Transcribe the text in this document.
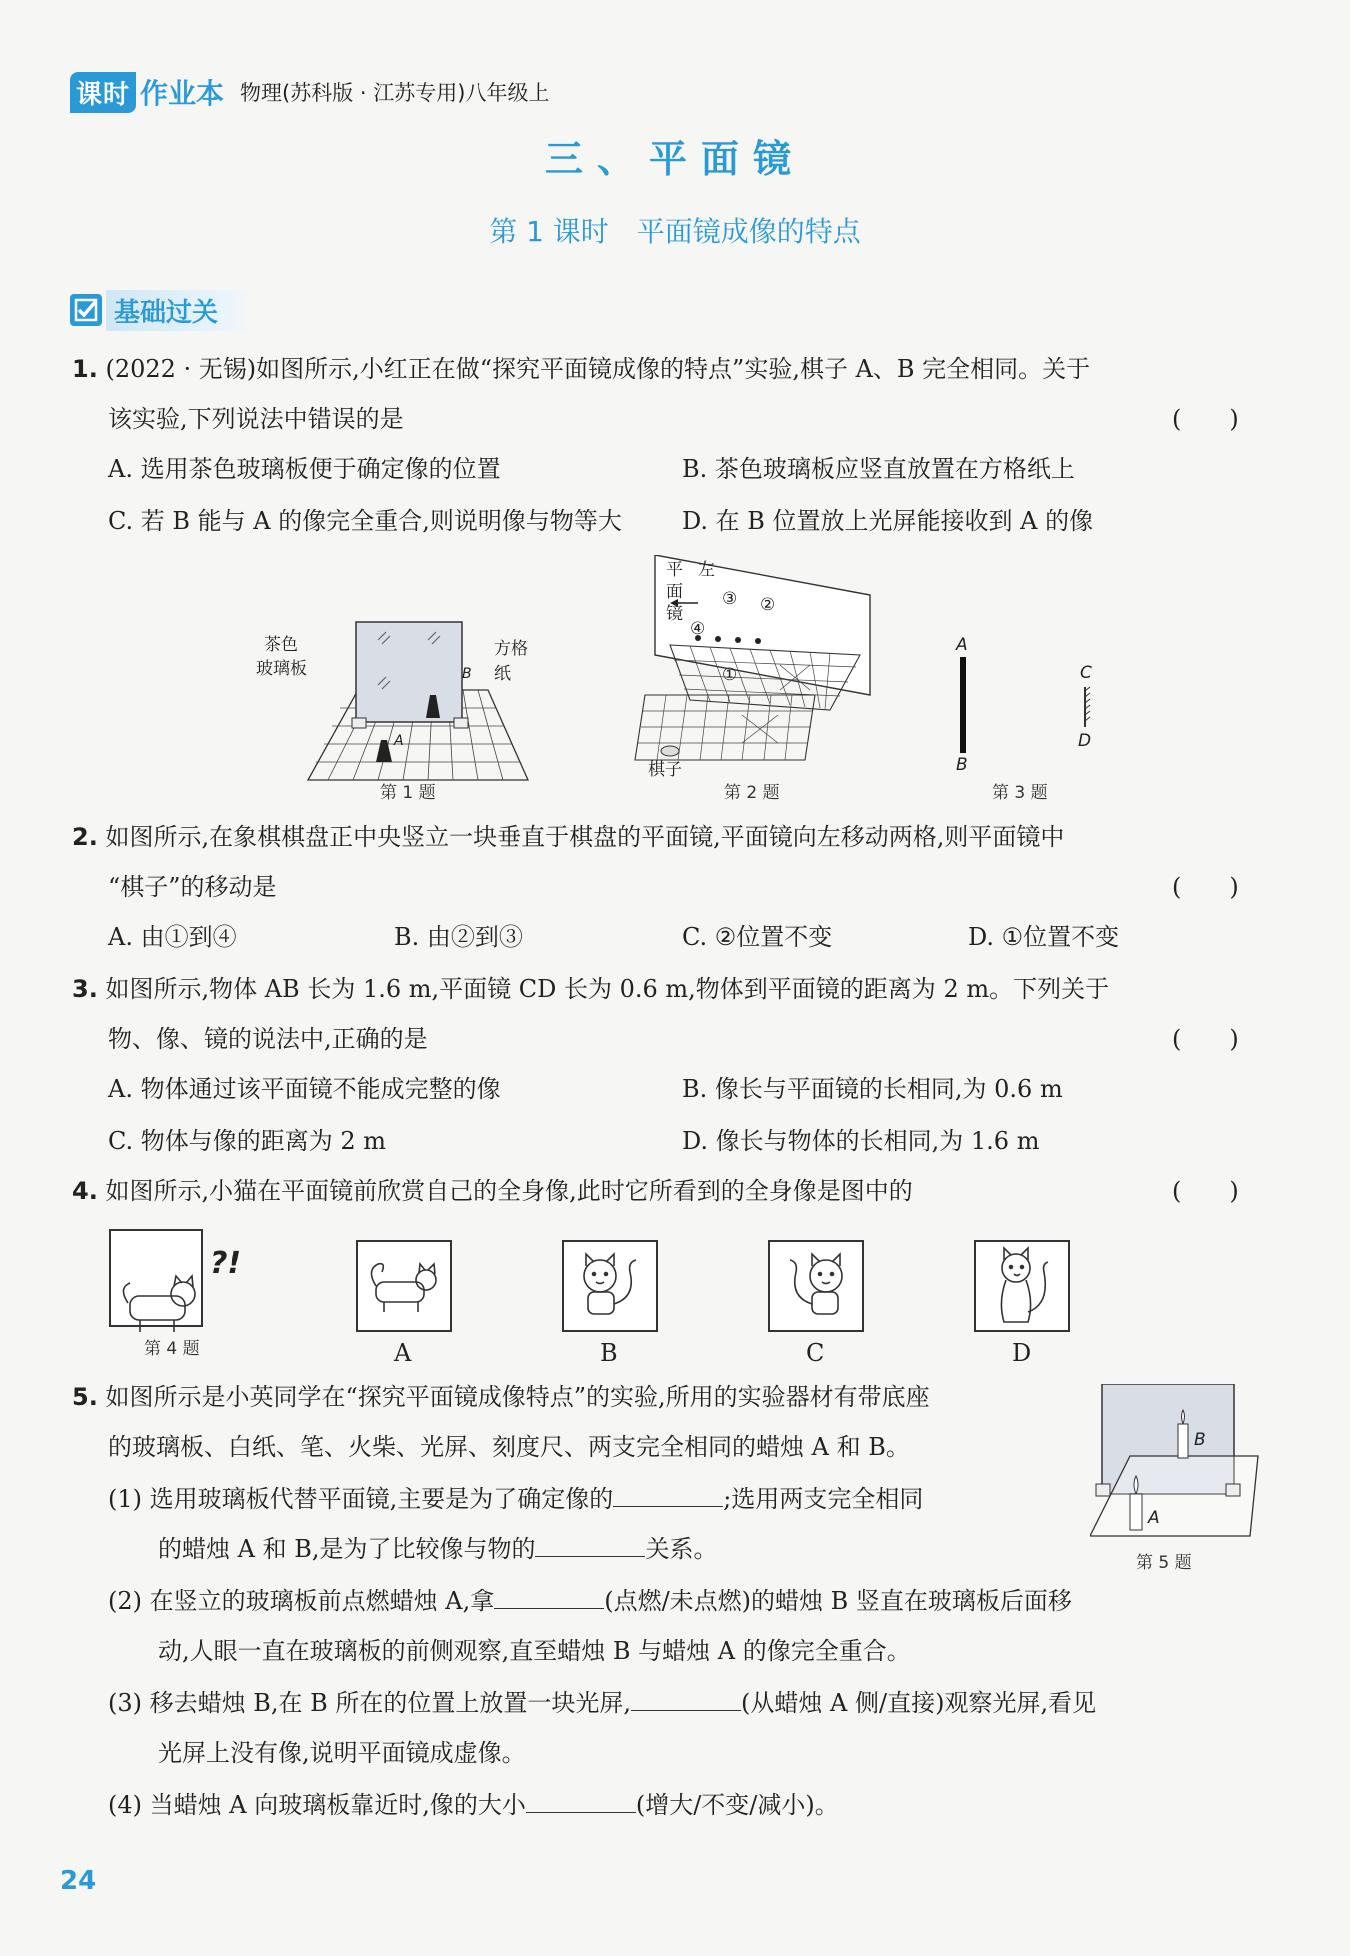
课时 作业本 物理(苏科版 · 江苏专用)八年级上
三、平面镜
第 1 课时　平面镜成像的特点
基础过关
1. (2022 · 无锡)如图所示,小红正在做“探究平面镜成像的特点”实验,棋子 A、B 完全相同。关于
该实验,下列说法中错误的是	(　　)
A. 选用茶色玻璃板便于确定像的位置	B. 茶色玻璃板应竖直放置在方格纸上
C. 若 B 能与 A 的像完全重合,则说明像与物等大	D. 在 B 位置放上光屏能接收到 A 的像
茶色
玻璃板
方格纸
B
A
第 1 题
平
面
镜
左
③ ②
④
①
棋子
第 2 题
A
B
C
D
第 3 题
2. 如图所示,在象棋棋盘正中央竖立一块垂直于棋盘的平面镜,平面镜向左移动两格,则平面镜中
“棋子”的移动是	(　　)
A. 由①到④	B. 由②到③	C. ②位置不变	D. ①位置不变
3. 如图所示,物体 AB 长为 1.6 m,平面镜 CD 长为 0.6 m,物体到平面镜的距离为 2 m。下列关于
物、像、镜的说法中,正确的是	(　　)
A. 物体通过该平面镜不能成完整的像	B. 像长与平面镜的长相同,为 0.6 m
C. 物体与像的距离为 2 m	D. 像长与物体的长相同,为 1.6 m
4. 如图所示,小猫在平面镜前欣赏自己的全身像,此时它所看到的全身像是图中的	(　　)
?!
第 4 题	A	B	C	D
5. 如图所示是小英同学在“探究平面镜成像特点”的实验,所用的实验器材有带底座
的玻璃板、白纸、笔、火柴、光屏、刻度尺、两支完全相同的蜡烛 A 和 B。
(1) 选用玻璃板代替平面镜,主要是为了确定像的	;选用两支完全相同
的蜡烛 A 和 B,是为了比较像与物的	关系。
(2) 在竖立的玻璃板前点燃蜡烛 A,拿	(点燃/未点燃)的蜡烛 B 竖直在玻璃板后面移
动,人眼一直在玻璃板的前侧观察,直至蜡烛 B 与蜡烛 A 的像完全重合。
(3) 移去蜡烛 B,在 B 所在的位置上放置一块光屏,	(从蜡烛 A 侧/直接)观察光屏,看见
光屏上没有像,说明平面镜成虚像。
(4) 当蜡烛 A 向玻璃板靠近时,像的大小	(增大/不变/减小)。
B
A
第 5 题
24
